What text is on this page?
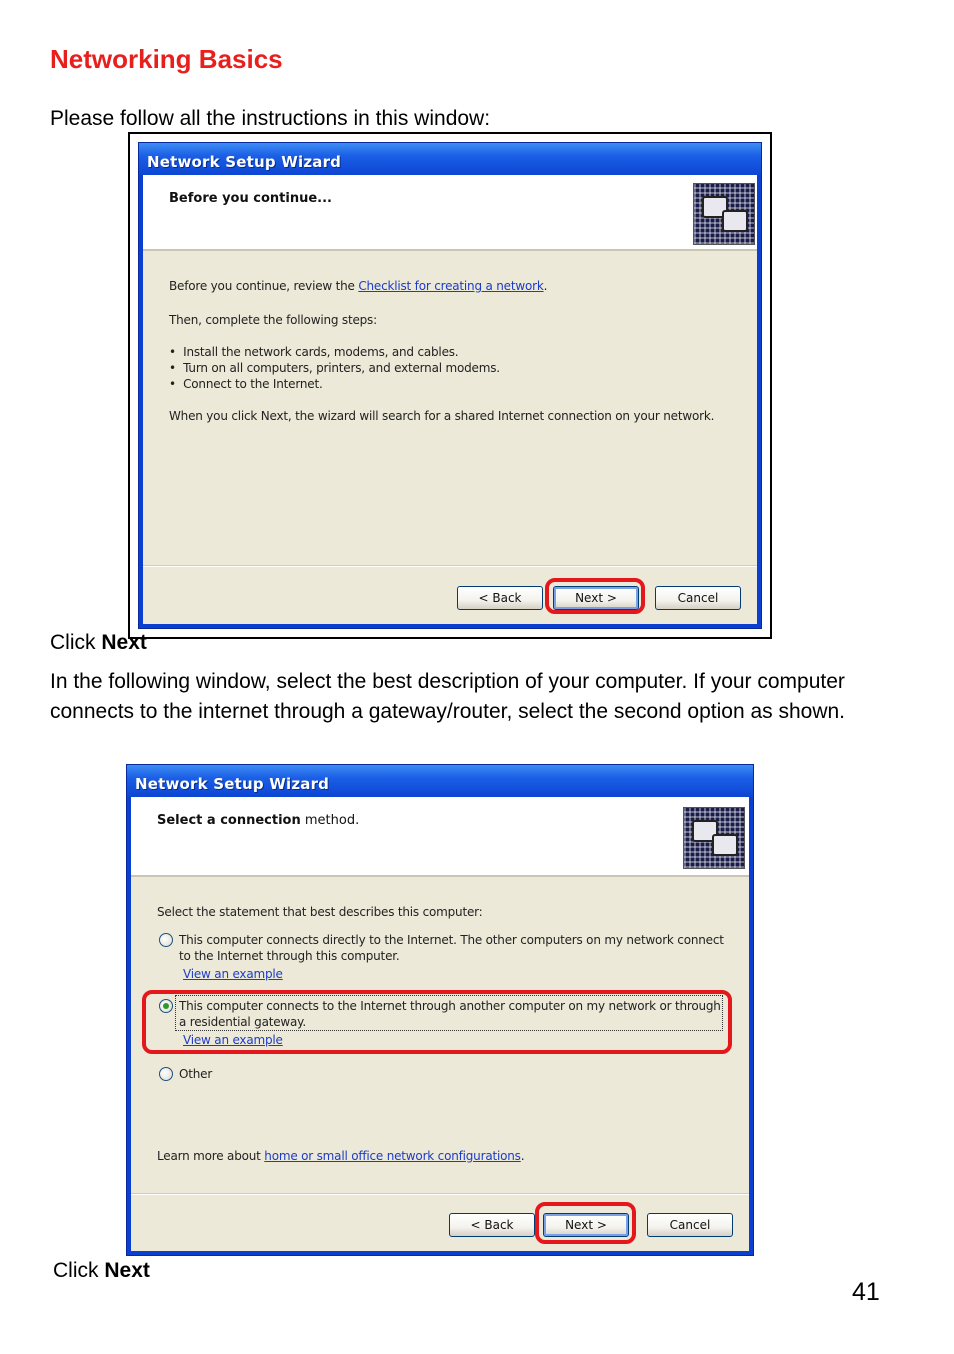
Networking Basics
Please follow all the instructions in this window:
Network Setup Wizard
Before you continue...
Before you continue, review the Checklist for creating a network.
Then, complete the following steps:
•  Install the network cards, modems, and cables.
•  Turn on all computers, printers, and external modems.
•  Connect to the Internet.
When you click Next, the wizard will search for a shared Internet connection on your network.
< Back	Next >	Cancel
Click Next
In the following window, select the best description of your computer. If your computer
connects to the internet through a gateway/router, select the second option as shown.
Network Setup Wizard
Select a connection method.
Select the statement that best describes this computer:
This computer connects directly to the Internet. The other computers on my network connect
to the Internet through this computer.
View an example
This computer connects to the Internet through another computer on my network or through
a residential gateway.
View an example
Other
Learn more about home or small office network configurations.
< Back	Next >	Cancel
Click Next
41
